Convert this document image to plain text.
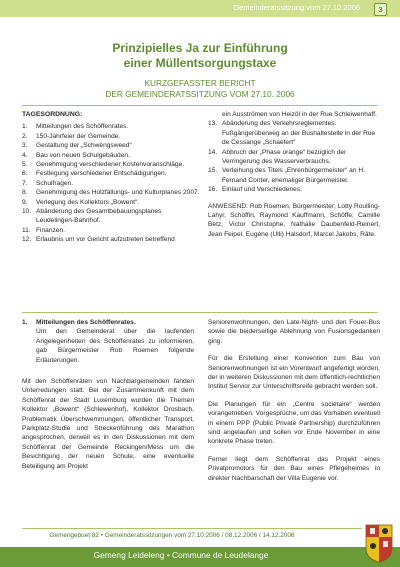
Gemeinderatssitzung vom 27.10.2006	3
Prinzipielles Ja zur Einführung
einer Müllentsorgungstaxe
KURZGEFASSTER BERICHT
DER GEMEINDERATSSITZUNG VOM 27.10. 2006
TAGESORDNUNG:
1.	Mitteilungen des Schöffenrates.
2.	150-Jahrfeier der Gemeinde.
3.	Gestaltung der „Schwèngsweed“
4.	Bau von neuen Schulgebäuden.
5.	Genehmigung verschiedener Kostenvoranschläge.
6.	Festlegung verschiedener Entschädigungen.
7.	Schulfragen.
8.	Genehmigung des Holzfällungs- und Kulturplanes 2007.
9.	Verlegung des Kollektors „Bowent“.
10. Abänderung des Gesamtbebauungsplanes Leudelingen-Bahnhof.
11. Finanzen.
12. Erlaubnis um vor Gericht aufzutreten betreffend
ein Ausströmen von Heizöl in der Rue Schleiwenhaff.
13. Abänderung des Verkehrsreglementes. Fußgängerüberweg an der Bushaltestelle in der Rue de Cessange „Schaefert“
14. Abbruch der „Phase orange“ bezüglich der Verringerung des Wasserverbrauchs.
15. Verleihung des Titels „Ehrenbürgermeister“ an H. Fernand Conter, ehemaliger Bürgermeister.
16. Einlauf und Verschiedenes.
ANWESEND: Rob Roemen, Bürgermeister; Lotty Roulling-Lahyr, Schöffin, Raymond Kauffmann, Schöffe; Camille Betz, Victor Christophe, Nathalie Daubenfeld-Reinert, Jean Feipel, Eugène (Ulli) Halsdorf, Marcel Jakobs, Räte.
1.	Mitteilungen des Schöffenrates.
Um den Gemeinderat über die laufenden Angelegenheiten des Schöffenrates zu informieren, gab Bürgermeister Rob Roemen folgende Erläuterungen.
Mit den Schöffenräten von Nachbargemeinden fanden Unterredungen statt. Bei der Zusammenkunft mit dem Schöffenrat der Stadt Luxemburg wurden die Themen Kollektor „Bowent“ (Schlewenhof), Kollektor Drosbach, Problematik Überschwemmungen, öffentlicher Transport, Parkplatz-Studie und Streckenführung des Marathon angesprochen, derweil es in den Diskussionen mit dem Schöffenrat der Gemeinde Reckingen/Mess um die Besichtigung der neuen Schule, eine eventuelle Beteiligung am Projekt
Seniorenwohnungen, den Late-Night- und den Fouer-Bus sowie die beiderseitige Ablehnung von Fusionsgedanken ging.
Für die Erstellung einer Konvention zum Bau von Seniorenwohnungen ist ein Vorentwurf angefertigt worden, der in weiteren Diskussionen mit dem öffentlich-rechtlichen Institut Servior zur Unterschriftsreife gebracht werden soll.
Die Planungen für ein „Centre sociétaire“ werden vorangetrieben. Vorgesprüche, um das Vorhaben eventuell in einem PPP (Public Private Partnership) durchzuführen sind angelaufen und sollen vor Ende November in eine konkrete Phase treten.
Ferner liegt dem Schöffenrat das Projekt eines Privatpromotors für den Bau eines Pflegeheimes in direkter Nachbarschaft der Villa Eugénie vor.
Gemengebuet 82 • Gemeinderatssitzungen vom 27.10.2006 / 08.12.2006 / 14.12.2006
Gemeng Leideleng • Commune de Leudelange
